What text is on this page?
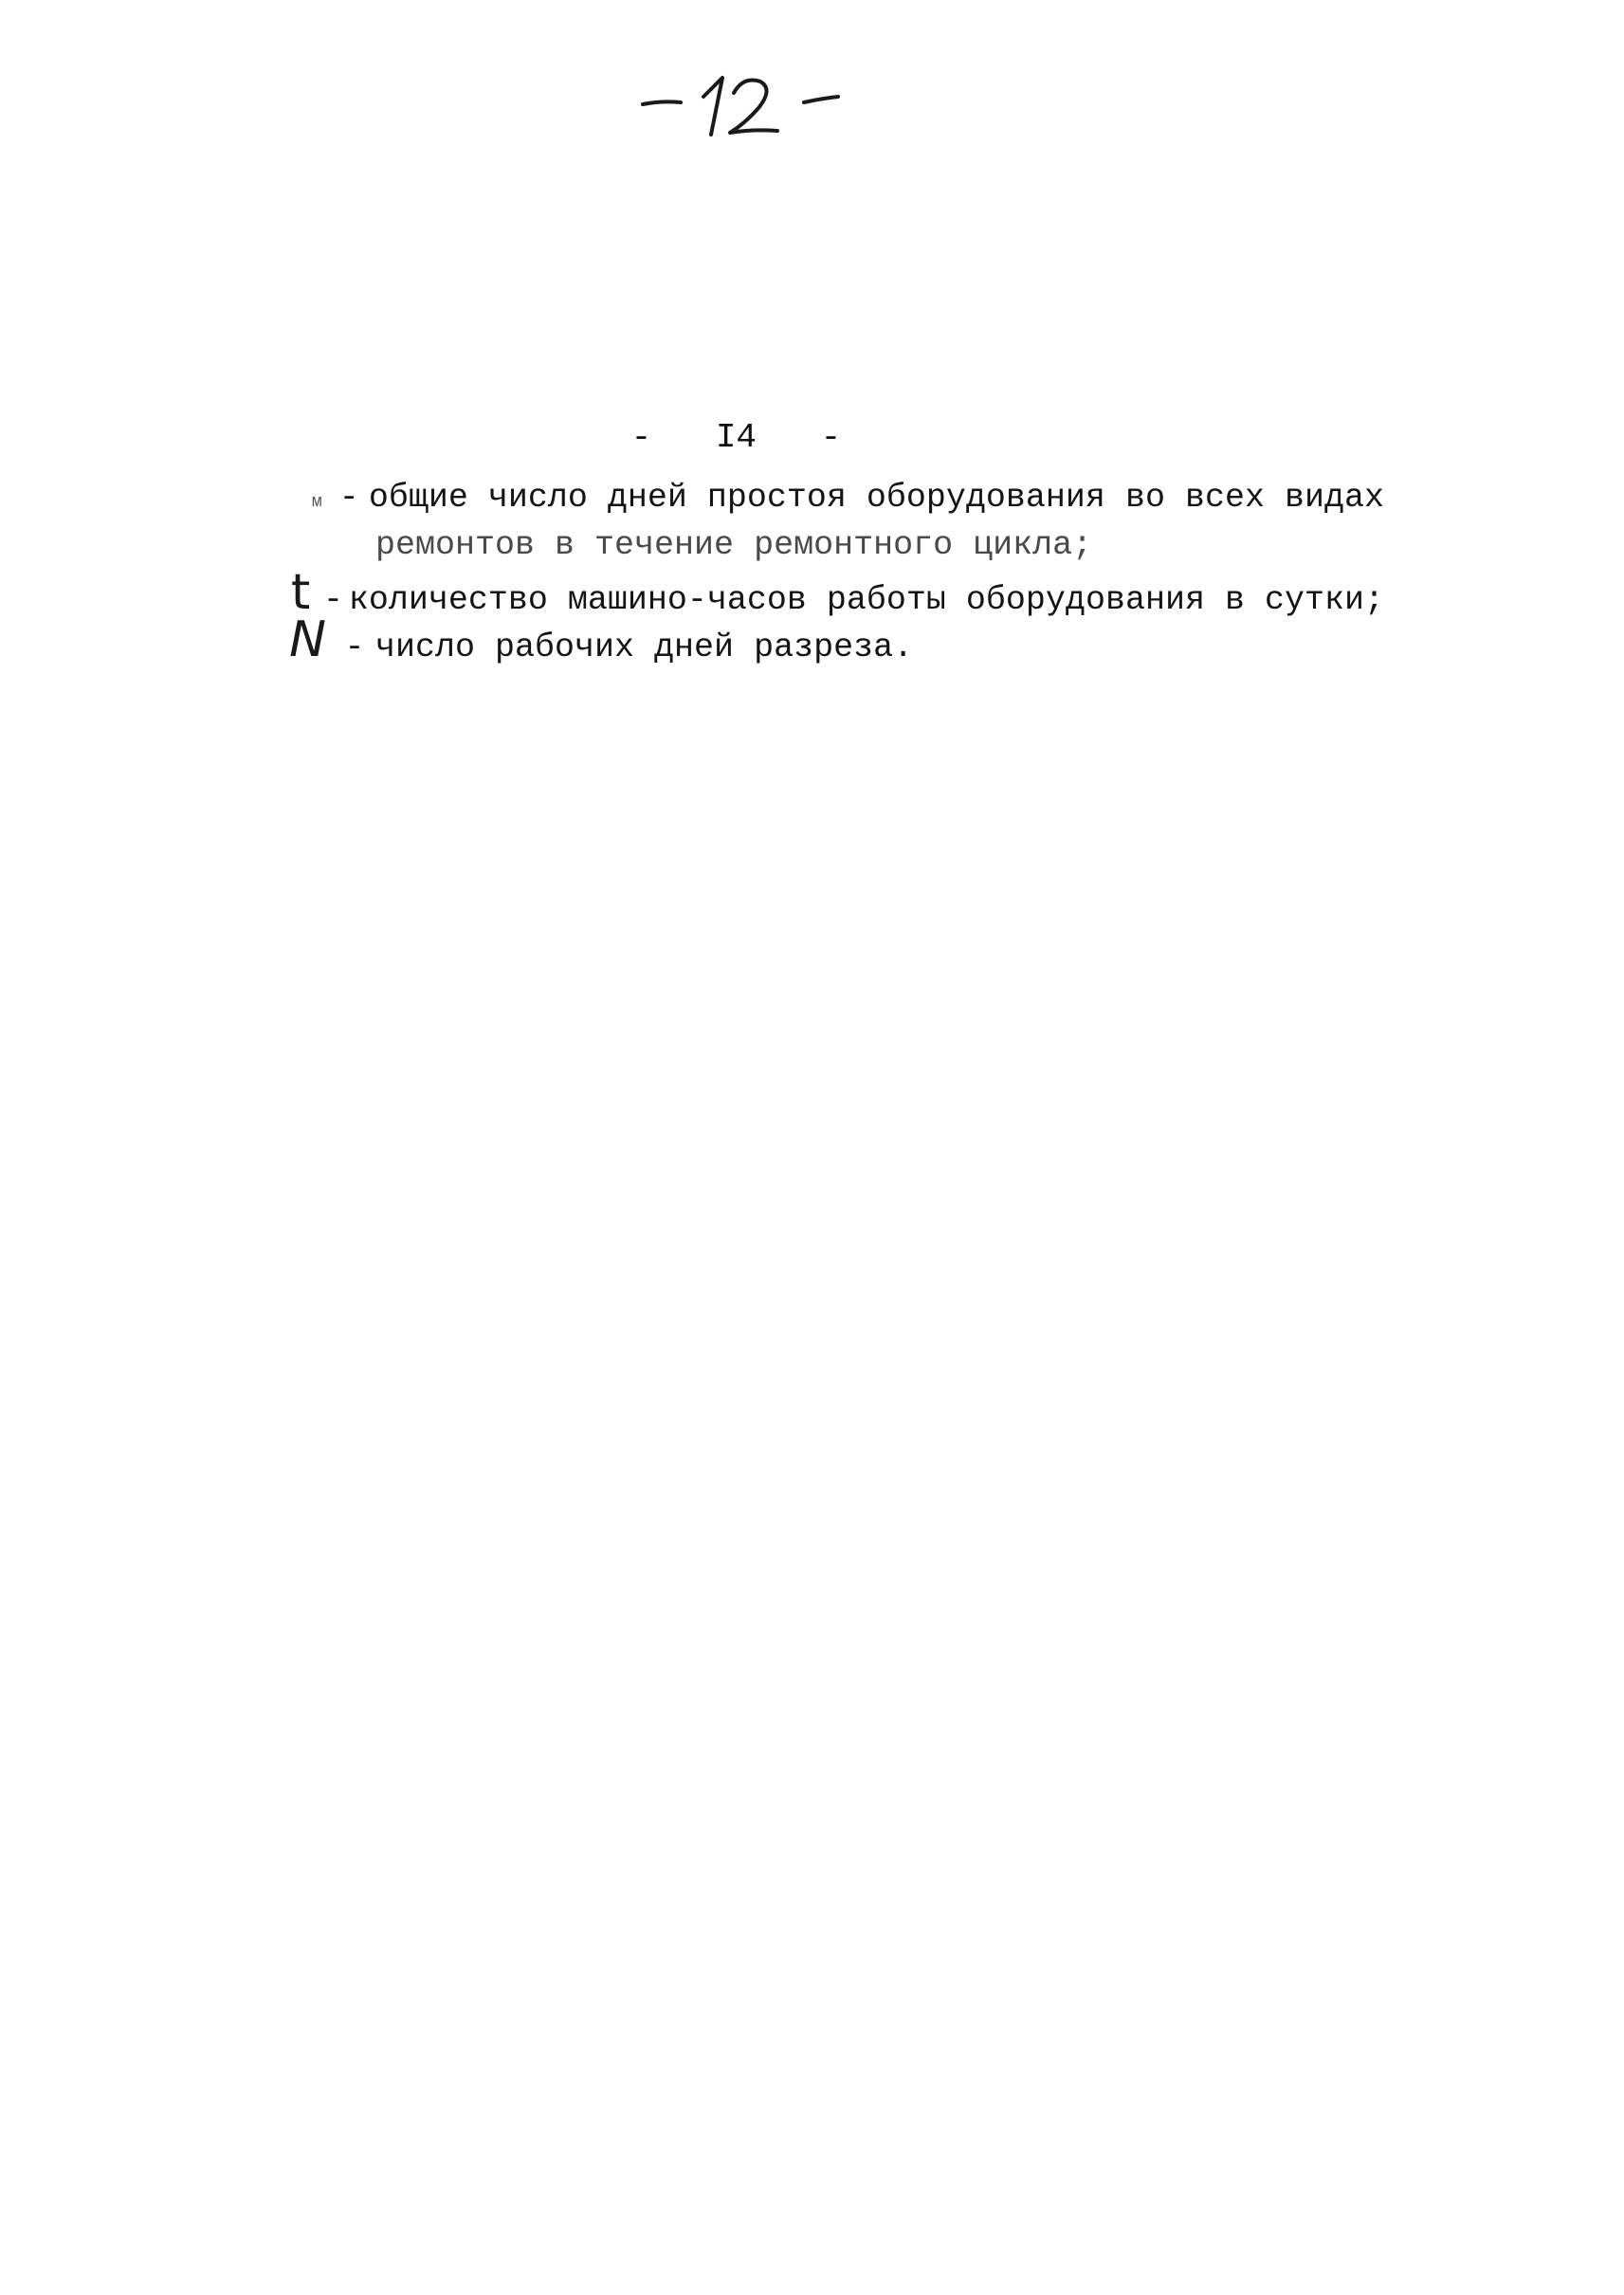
- I4 -

м - общие число дней простоя оборудования во всех видах
ремонтов в течение ремонтного цикла;
t - количество машино-часов работы оборудования в сутки;
N - число рабочих дней разреза.
